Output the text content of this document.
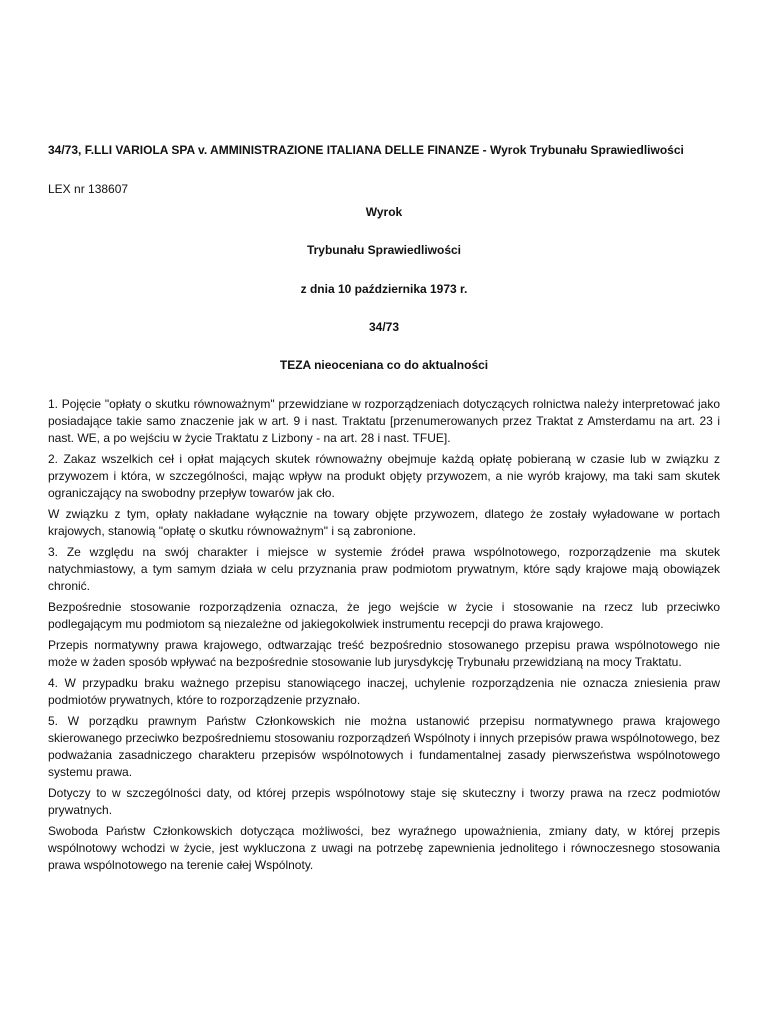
34/73, F.LLI VARIOLA SPA v. AMMINISTRAZIONE ITALIANA DELLE FINANZE - Wyrok Trybunału Sprawiedliwości
LEX nr 138607
Wyrok
Trybunału Sprawiedliwości
z dnia 10 października 1973 r.
34/73
TEZA nieoceniana co do aktualności

1. Pojęcie "opłaty o skutku równoważnym" przewidziane w rozporządzeniach dotyczących rolnictwa należy interpretować jako posiadające takie samo znaczenie jak w art. 9 i nast. Traktatu [przenumerowanych przez Traktat z Amsterdamu na art. 23 i nast. WE, a po wejściu w życie Traktatu z Lizbony - na art. 28 i nast. TFUE].

2. Zakaz wszelkich ceł i opłat mających skutek równoważny obejmuje każdą opłatę pobieraną w czasie lub w związku z przywozem i która, w szczególności, mając wpływ na produkt objęty przywozem, a nie wyrób krajowy, ma taki sam skutek ograniczający na swobodny przepływ towarów jak cło.

W związku z tym, opłaty nakładane wyłącznie na towary objęte przywozem, dlatego że zostały wyładowane w portach krajowych, stanowią "opłatę o skutku równoważnym" i są zabronione.

3. Ze względu na swój charakter i miejsce w systemie źródeł prawa wspólnotowego, rozporządzenie ma skutek natychmiastowy, a tym samym działa w celu przyznania praw podmiotom prywatnym, które sądy krajowe mają obowiązek chronić.

Bezpośrednie stosowanie rozporządzenia oznacza, że jego wejście w życie i stosowanie na rzecz lub przeciwko podlegającym mu podmiotom są niezależne od jakiegokolwiek instrumentu recepcji do prawa krajowego.

Przepis normatywny prawa krajowego, odtwarzając treść bezpośrednio stosowanego przepisu prawa wspólnotowego nie może w żaden sposób wpływać na bezpośrednie stosowanie lub jurysdykcję Trybunału przewidzianą na mocy Traktatu.

4. W przypadku braku ważnego przepisu stanowiącego inaczej, uchylenie rozporządzenia nie oznacza zniesienia praw podmiotów prywatnych, które to rozporządzenie przyznało.

5. W porządku prawnym Państw Członkowskich nie można ustanowić przepisu normatywnego prawa krajowego skierowanego przeciwko bezpośredniemu stosowaniu rozporządzeń Wspólnoty i innych przepisów prawa wspólnotowego, bez podważania zasadniczego charakteru przepisów wspólnotowych i fundamentalnej zasady pierwszeństwa wspólnotowego systemu prawa.

Dotyczy to w szczególności daty, od której przepis wspólnotowy staje się skuteczny i tworzy prawa na rzecz podmiotów prywatnych.

Swoboda Państw Członkowskich dotycząca możliwości, bez wyraźnego upoważnienia, zmiany daty, w której przepis wspólnotowy wchodzi w życie, jest wykluczona z uwagi na potrzebę zapewnienia jednolitego i równoczesnego stosowania prawa wspólnotowego na terenie całej Wspólnoty.
